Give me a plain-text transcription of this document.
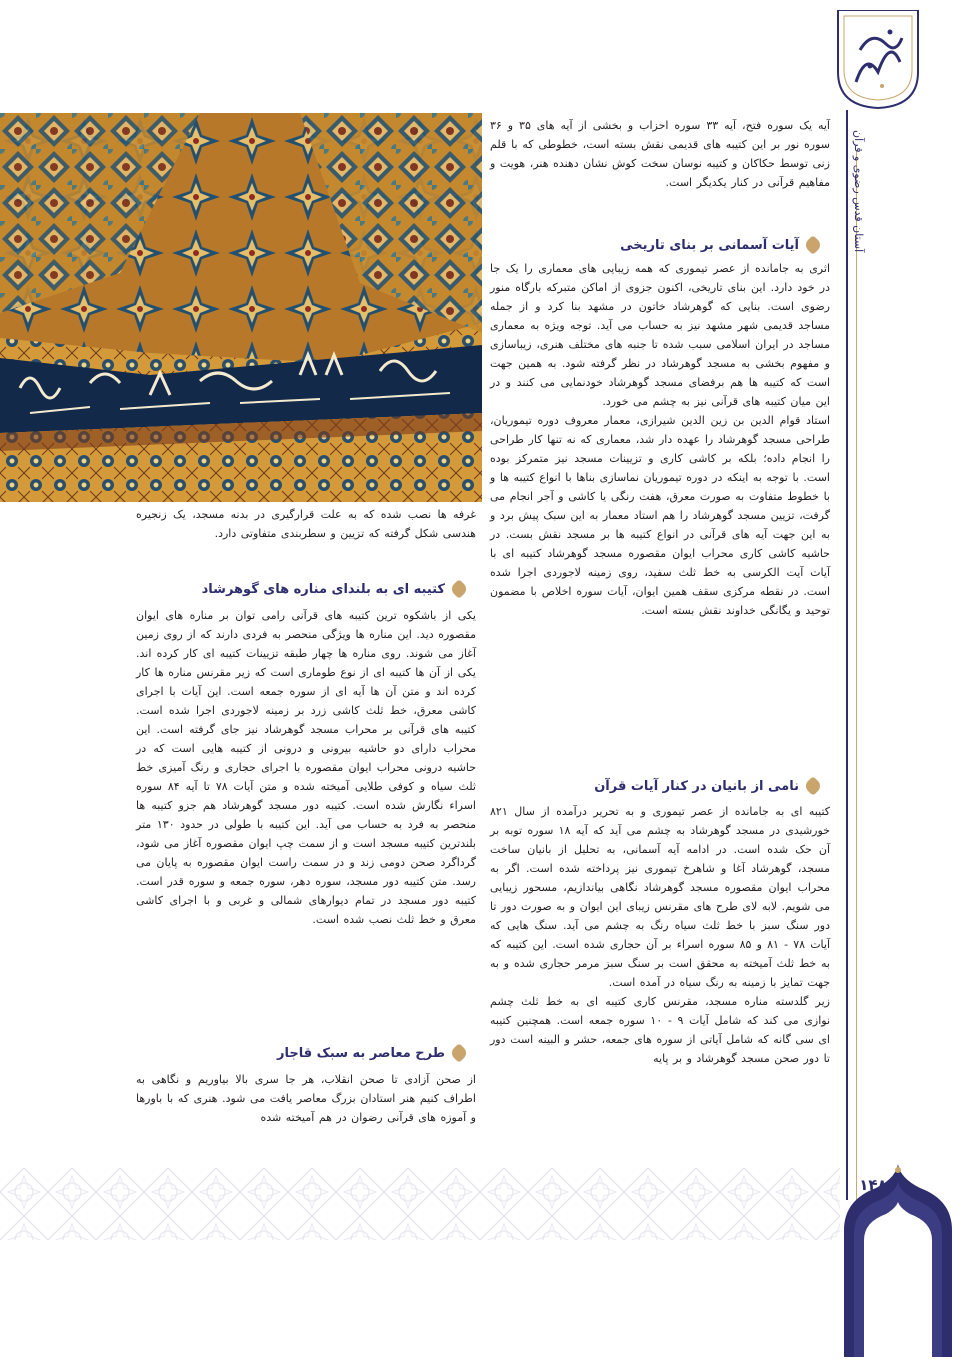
آستان قدس رضوی و قرآن
۱۴۸

آیه یک سوره فتح، آیه ۳۳ سوره احزاب و بخشی از آیه های ۳۵ و ۳۶ سوره نور بر این کتیبه های قدیمی نقش بسته است، خطوطی که با قلم زنی توسط حکاکان و کتیبه نوسان سخت کوش نشان دهنده هنر، هویت و مفاهیم قرآنی در کنار یکدیگر است.

آیات آسمانی بر بنای تاریخی

اثری به جامانده از عصر تیموری که همه زیبایی های معماری را یک جا در خود دارد. این بنای تاریخی، اکنون جزوی از اماکن متبرکه بارگاه منور رضوی است. بنایی که گوهرشاد خاتون در مشهد بنا کرد و از جمله مساجد قدیمی شهر مشهد نیز به حساب می آید. توجه ویژه به معماری مساجد در ایران اسلامی سبب شده تا جنبه های مختلف هنری، زیباسازی و مفهوم بخشی به مسجد گوهرشاد در نظر گرفته شود. به همین جهت است که کتیبه ها هم برفضای مسجد گوهرشاد خودنمایی می کنند و در این میان کتیبه های قرآنی نیز به چشم می خورد.

استاد قوام الدین بن زین الدین شیرازی، معمار معروف دوره تیموریان، طراحی مسجد گوهرشاد را عهده دار شد، معماری که نه تنها کار طراحی را انجام داده؛ بلکه بر کاشی کاری و تزیینات مسجد نیز متمرکز بوده است. با توجه به اینکه در دوره تیموریان نماسازی بناها با انواع کتیبه ها و با خطوط متفاوت به صورت معرق، هفت رنگی یا کاشی و آجر انجام می گرفت، تزیین مسجد گوهرشاد را هم استاد معمار به این سبک پیش برد و به این جهت آیه های قرآنی در انواع کتیبه ها بر مسجد نقش بست. در حاشیه کاشی کاری محراب ایوان مقصوره مسجد گوهرشاد کتیبه ای با آیات آیت الکرسی به خط ثلث سفید، روی زمینه لاجوردی اجرا شده است. در نقطه مرکزی سقف همین ایوان، آیات سوره اخلاص با مضمون توحید و یگانگی خداوند نقش بسته است.

نامی از بانیان در کنار آیات قرآن

کتیبه ای به جامانده از عصر تیموری و به تحریر درآمده از سال ۸۲۱ خورشیدی در مسجد گوهرشاد به چشم می آید که آیه ۱۸ سوره توبه بر آن حک شده است. در ادامه آیه آسمانی، به تحلیل از بانیان ساخت مسجد، گوهرشاد آغا و شاهرخ تیموری نیز پرداخته شده است. اگر به محراب ایوان مقصوره مسجد گوهرشاد نگاهی بیاندازیم، مسحور زیبایی می شویم. لابه لای طرح های مقرنس زیبای این ایوان و به صورت دور تا دور سنگ سبز با خط ثلث سیاه رنگ به چشم می آید. سنگ هایی که آیات ۷۸ - ۸۱ و ۸۵ سوره اسراء بر آن حجاری شده است. این کتیبه که به خط ثلث آمیخته به محقق است بر سنگ سبز مرمر حجاری شده و به جهت تمایز با زمینه به رنگ سیاه در آمده است.

زیر گلدسته مناره مسجد، مقرنس کاری کتیبه ای به خط ثلث چشم نوازی می کند که شامل آیات ۹ - ۱۰ سوره جمعه است. همچنین کتیبه ای سی گانه که شامل آیاتی از سوره های جمعه، حشر و البینه است دور تا دور صحن مسجد گوهرشاد و بر پایه

غرفه ها نصب شده که به علت قرارگیری در بدنه مسجد، یک زنجیره هندسی شکل گرفته که تزیین و سطربندی متفاوتی دارد.

کتیبه ای به بلندای مناره های گوهرشاد

یکی از باشکوه ترین کتیبه های قرآنی رامی توان بر مناره های ایوان مقصوره دید. این مناره ها ویژگی منحصر به فردی دارند که از روی زمین آغاز می شوند. روی مناره ها چهار طبقه تزیینات کتیبه ای کار کرده اند. یکی از آن ها کتیبه ای از نوع طوماری است که زیر مقرنس مناره ها کار کرده اند و متن آن ها آیه ای از سوره جمعه است. این آیات با اجرای کاشی معرق، خط ثلث کاشی زرد بر زمینه لاجوردی اجرا شده است. کتیبه های قرآنی بر محراب مسجد گوهرشاد نیز جای گرفته است. این محراب دارای دو حاشیه بیرونی و درونی از کتیبه هایی است که در حاشیه درونی محراب ایوان مقصوره با اجرای حجاری و رنگ آمیزی خط ثلث سیاه و کوفی طلایی آمیخته شده و متن آیات ۷۸ تا آیه ۸۴ سوره اسراء نگارش شده است. کتیبه دور مسجد گوهرشاد هم جزو کتیبه ها منحصر به فرد به حساب می آید. این کتیبه با طولی در حدود ۱۳۰ متر بلندترین کتیبه مسجد است و از سمت چپ ایوان مقصوره آغاز می شود، گرداگرد صحن دومی زند و در سمت راست ایوان مقصوره به پایان می رسد. متن کتیبه دور مسجد، سوره دهر، سوره جمعه و سوره قدر است. کتیبه دور مسجد در تمام دیوارهای شمالی و غربی و با اجرای کاشی معرق و خط ثلث نصب شده است.

طرح معاصر به سبک قاجار

از صحن آزادی تا صحن انقلاب، هر جا سری بالا بیاوریم و نگاهی به اطراف کنیم هنر استادان بزرگ معاصر یافت می شود. هنری که با باورها و آموزه های قرآنی رضوان در هم آمیخته شده
